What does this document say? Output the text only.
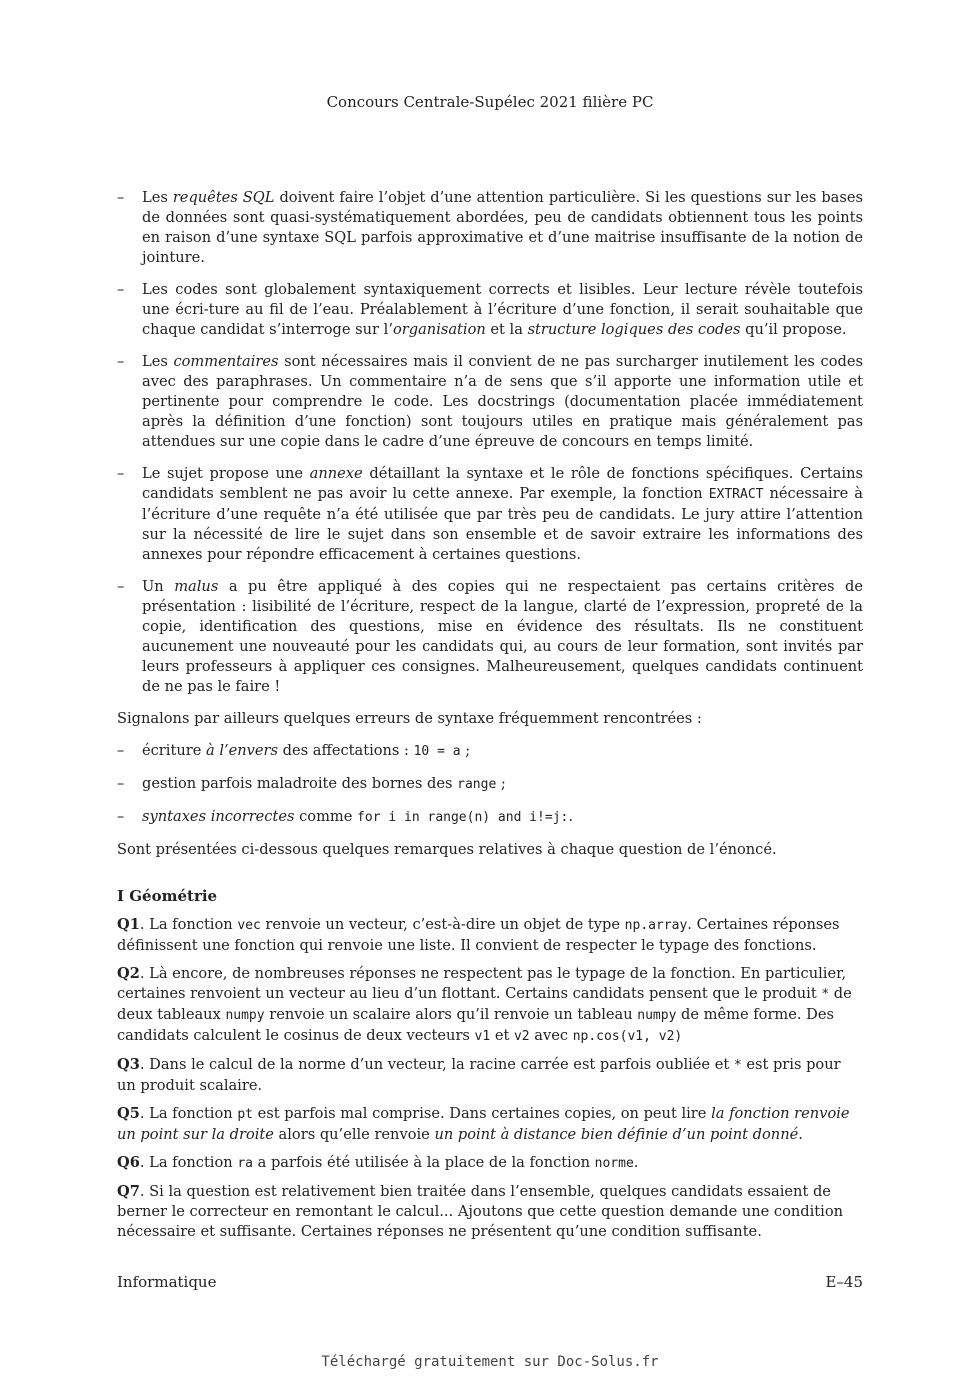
Concours Centrale-Supélec 2021 filière PC
– Les requêtes SQL doivent faire l’objet d’une attention particulière. Si les questions sur les bases de données sont quasi-systématiquement abordées, peu de candidats obtiennent tous les points en raison d’une syntaxe SQL parfois approximative et d’une maitrise insuffisante de la notion de jointure.
– Les codes sont globalement syntaxiquement corrects et lisibles. Leur lecture révèle toutefois une écri-ture au fil de l’eau. Préalablement à l’écriture d’une fonction, il serait souhaitable que chaque candidat s’interroge sur l’organisation et la structure logiques des codes qu’il propose.
– Les commentaires sont nécessaires mais il convient de ne pas surcharger inutilement les codes avec des paraphrases. Un commentaire n’a de sens que s’il apporte une information utile et pertinente pour comprendre le code. Les docstrings (documentation placée immédiatement après la définition d’une fonction) sont toujours utiles en pratique mais généralement pas attendues sur une copie dans le cadre d’une épreuve de concours en temps limité.
– Le sujet propose une annexe détaillant la syntaxe et le rôle de fonctions spécifiques. Certains candidats semblent ne pas avoir lu cette annexe. Par exemple, la fonction EXTRACT nécessaire à l’écriture d’une requête n’a été utilisée que par très peu de candidats. Le jury attire l’attention sur la nécessité de lire le sujet dans son ensemble et de savoir extraire les informations des annexes pour répondre efficacement à certaines questions.
– Un malus a pu être appliqué à des copies qui ne respectaient pas certains critères de présentation : lisibilité de l’écriture, respect de la langue, clarté de l’expression, propreté de la copie, identification des questions, mise en évidence des résultats. Ils ne constituent aucunement une nouveauté pour les candidats qui, au cours de leur formation, sont invités par leurs professeurs à appliquer ces consignes. Malheureusement, quelques candidats continuent de ne pas le faire !

Signalons par ailleurs quelques erreurs de syntaxe fréquemment rencontrées :

– écriture à l’envers des affectations : 10 = a ;
– gestion parfois maladroite des bornes des range ;
– syntaxes incorrectes comme for i in range(n) and i!=j:.

Sont présentées ci-dessous quelques remarques relatives à chaque question de l’énoncé.

I Géométrie
Q1. La fonction vec renvoie un vecteur, c’est-à-dire un objet de type np.array. Certaines réponses définissent une fonction qui renvoie une liste. Il convient de respecter le typage des fonctions.
Q2. Là encore, de nombreuses réponses ne respectent pas le typage de la fonction. En particulier, certaines renvoient un vecteur au lieu d’un flottant. Certains candidats pensent que le produit * de deux tableaux numpy renvoie un scalaire alors qu’il renvoie un tableau numpy de même forme. Des candidats calculent le cosinus de deux vecteurs v1 et v2 avec np.cos(v1, v2)
Q3. Dans le calcul de la norme d’un vecteur, la racine carrée est parfois oubliée et * est pris pour un produit scalaire.
Q5. La fonction pt est parfois mal comprise. Dans certaines copies, on peut lire la fonction renvoie un point sur la droite alors qu’elle renvoie un point à distance bien définie d’un point donné.
Q6. La fonction ra a parfois été utilisée à la place de la fonction norme.
Q7. Si la question est relativement bien traitée dans l’ensemble, quelques candidats essaient de berner le correcteur en remontant le calcul... Ajoutons que cette question demande une condition nécessaire et suffisante. Certaines réponses ne présentent qu’une condition suffisante.
Informatique	E–45
Téléchargé gratuitement sur Doc-Solus.fr
